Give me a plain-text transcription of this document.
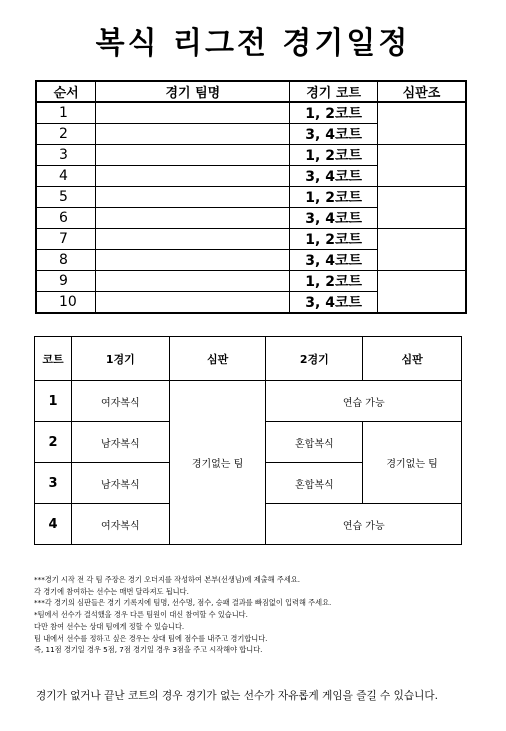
복식 리그전 경기일정
순서	경기 팀명	경기 코트	심판조
1		1, 2코트	
2		3, 4코트	
3		1, 2코트	
4		3, 4코트	
5		1, 2코트	
6		3, 4코트	
7		1, 2코트	
8		3, 4코트	
9		1, 2코트	
10		3, 4코트	
코트	1경기	심판	2경기	심판
1	여자복식	경기없는 팀	연습 가능	
2	남자복식		혼합복식	경기없는 팀
3	남자복식		혼합복식	
4	여자복식		연습 가능	
***경기 시작 전 각 팀 주장은 경기 오더지를 작성하여 본부(선생님)에 제출해 주세요.
각 경기에 참여하는 선수는 매번 달라져도 됩니다.
***각 경기의 심판들은 경기 기록지에 팀명, 선수명, 점수, 승패 결과를 빠짐없이 입력해 주세요.
*팀에서 선수가 결석했을 경우 다른 팀원이 대신 참여할 수 있습니다.
다만 참여 선수는 상대 팀에게 정할 수 있습니다.
팀 내에서 선수를 정하고 싶은 경우는 상대 팀에 점수를 내주고 경기합니다.
즉, 11점 경기일 경우 5점, 7점 경기일 경우 3점을 주고 시작해야 합니다.
경기가 없거나 끝난 코트의 경우 경기가 없는 선수가 자유롭게 게임을 즐길 수 있습니다.
